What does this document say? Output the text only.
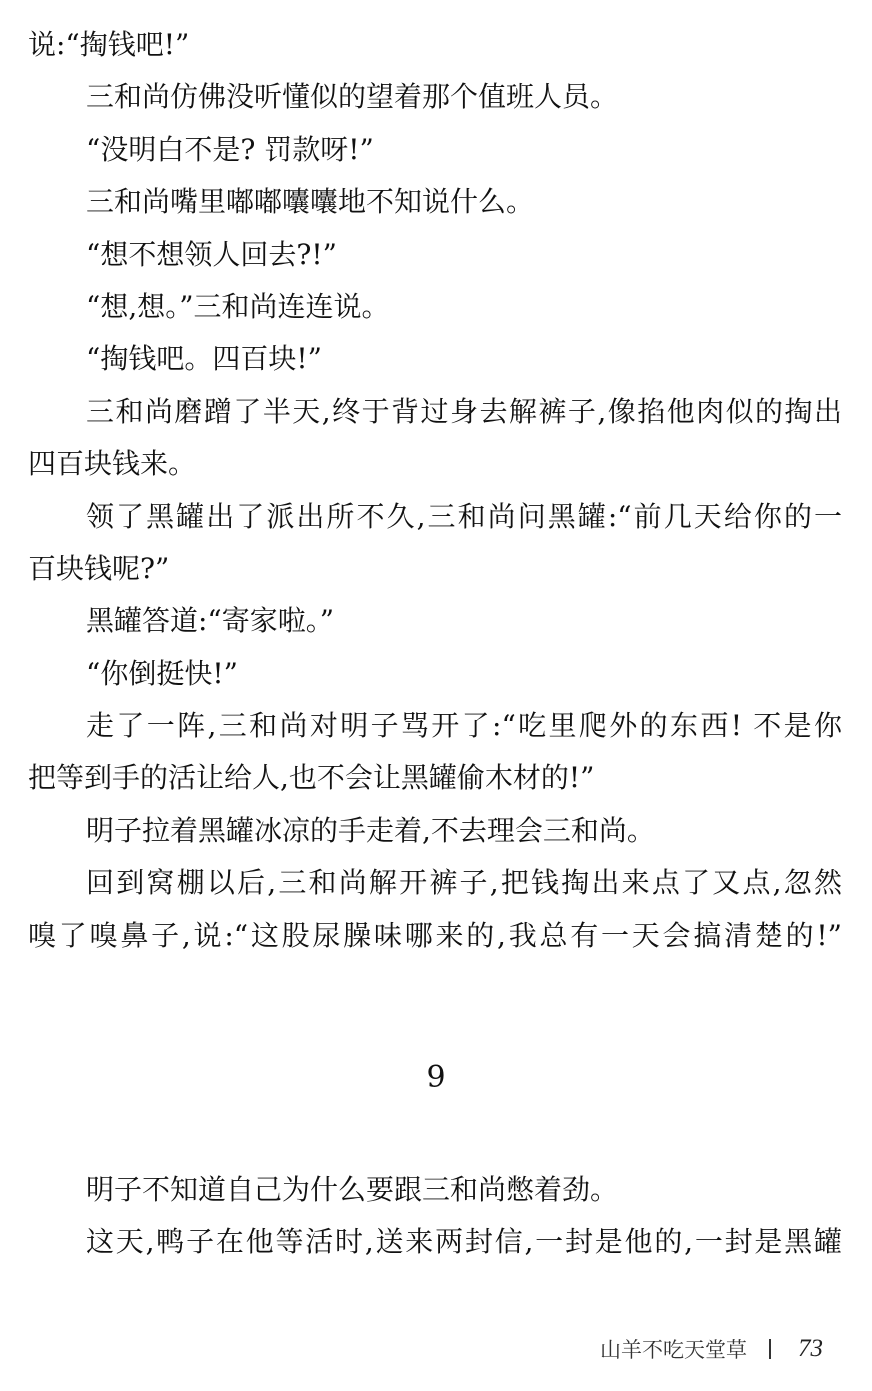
说:“掏钱吧!”
三和尚仿佛没听懂似的望着那个值班人员。
“没明白不是? 罚款呀!”
三和尚嘴里嘟嘟囔囔地不知说什么。
“想不想领人回去?!”
“想,想。”三和尚连连说。
“掏钱吧。四百块!”
三和尚磨蹭了半天,终于背过身去解裤子,像掐他肉似的掏出
四百块钱来。
领了黑罐出了派出所不久,三和尚问黑罐:“前几天给你的一
百块钱呢?”
黑罐答道:“寄家啦。”
“你倒挺快!”
走了一阵,三和尚对明子骂开了:“吃里爬外的东西! 不是你
把等到手的活让给人,也不会让黑罐偷木材的!”
明子拉着黑罐冰凉的手走着,不去理会三和尚。
回到窝棚以后,三和尚解开裤子,把钱掏出来点了又点,忽然
嗅了嗅鼻子,说:“这股尿臊味哪来的,我总有一天会搞清楚的!”
9
明子不知道自己为什么要跟三和尚憋着劲。
这天,鸭子在他等活时,送来两封信,一封是他的,一封是黑罐
山羊不吃天堂草 73
